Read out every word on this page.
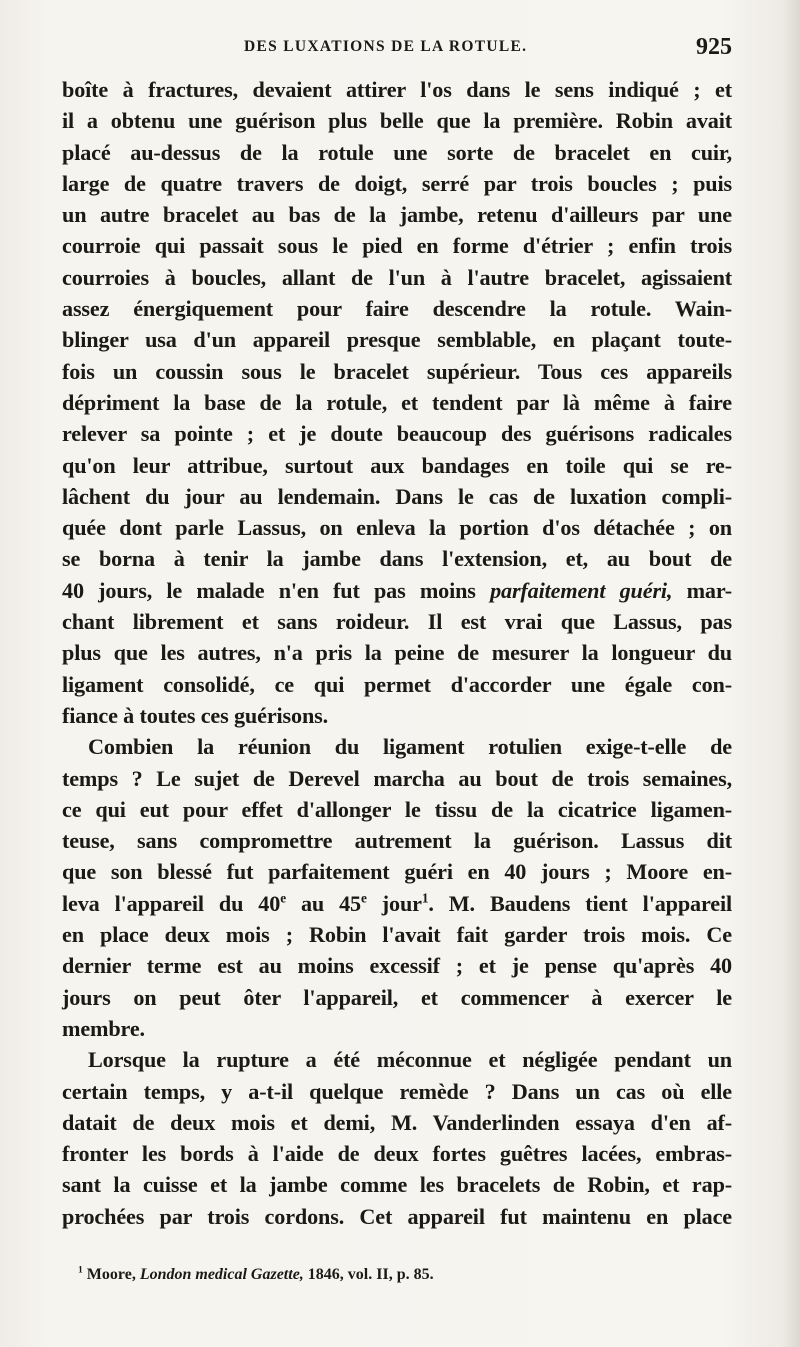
DES LUXATIONS DE LA ROTULE.	925
boîte à fractures, devaient attirer l'os dans le sens indiqué ; et
il a obtenu une guérison plus belle que la première. Robin avait
placé au-dessus de la rotule une sorte de bracelet en cuir,
large de quatre travers de doigt, serré par trois boucles ; puis
un autre bracelet au bas de la jambe, retenu d'ailleurs par une
courroie qui passait sous le pied en forme d'étrier ; enfin trois
courroies à boucles, allant de l'un à l'autre bracelet, agissaient
assez énergiquement pour faire descendre la rotule. Wain-
blinger usa d'un appareil presque semblable, en plaçant toute-
fois un coussin sous le bracelet supérieur. Tous ces appareils
dépriment la base de la rotule, et tendent par là même à faire
relever sa pointe ; et je doute beaucoup des guérisons radicales
qu'on leur attribue, surtout aux bandages en toile qui se re-
lâchent du jour au lendemain. Dans le cas de luxation compli-
quée dont parle Lassus, on enleva la portion d'os détachée ; on
se borna à tenir la jambe dans l'extension, et, au bout de
40 jours, le malade n'en fut pas moins parfaitement guéri, mar-
chant librement et sans roideur. Il est vrai que Lassus, pas
plus que les autres, n'a pris la peine de mesurer la longueur du
ligament consolidé, ce qui permet d'accorder une égale con-
fiance à toutes ces guérisons.
Combien la réunion du ligament rotulien exige-t-elle de
temps ? Le sujet de Derevel marcha au bout de trois semaines,
ce qui eut pour effet d'allonger le tissu de la cicatrice ligamen-
teuse, sans compromettre autrement la guérison. Lassus dit
que son blessé fut parfaitement guéri en 40 jours ; Moore en-
leva l'appareil du 40e au 45e jour$^1$. M. Baudens tient l'appareil
en place deux mois ; Robin l'avait fait garder trois mois. Ce
dernier terme est au moins excessif ; et je pense qu'après 40
jours on peut ôter l'appareil, et commencer à exercer le
membre.
Lorsque la rupture a été méconnue et négligée pendant un
certain temps, y a-t-il quelque remède ? Dans un cas où elle
datait de deux mois et demi, M. Vanderlinden essaya d'en af-
fronter les bords à l'aide de deux fortes guêtres lacées, embras-
sant la cuisse et la jambe comme les bracelets de Robin, et rap-
prochées par trois cordons. Cet appareil fut maintenu en place
$^1$ Moore, London medical Gazette, 1846, vol. II, p. 85.
